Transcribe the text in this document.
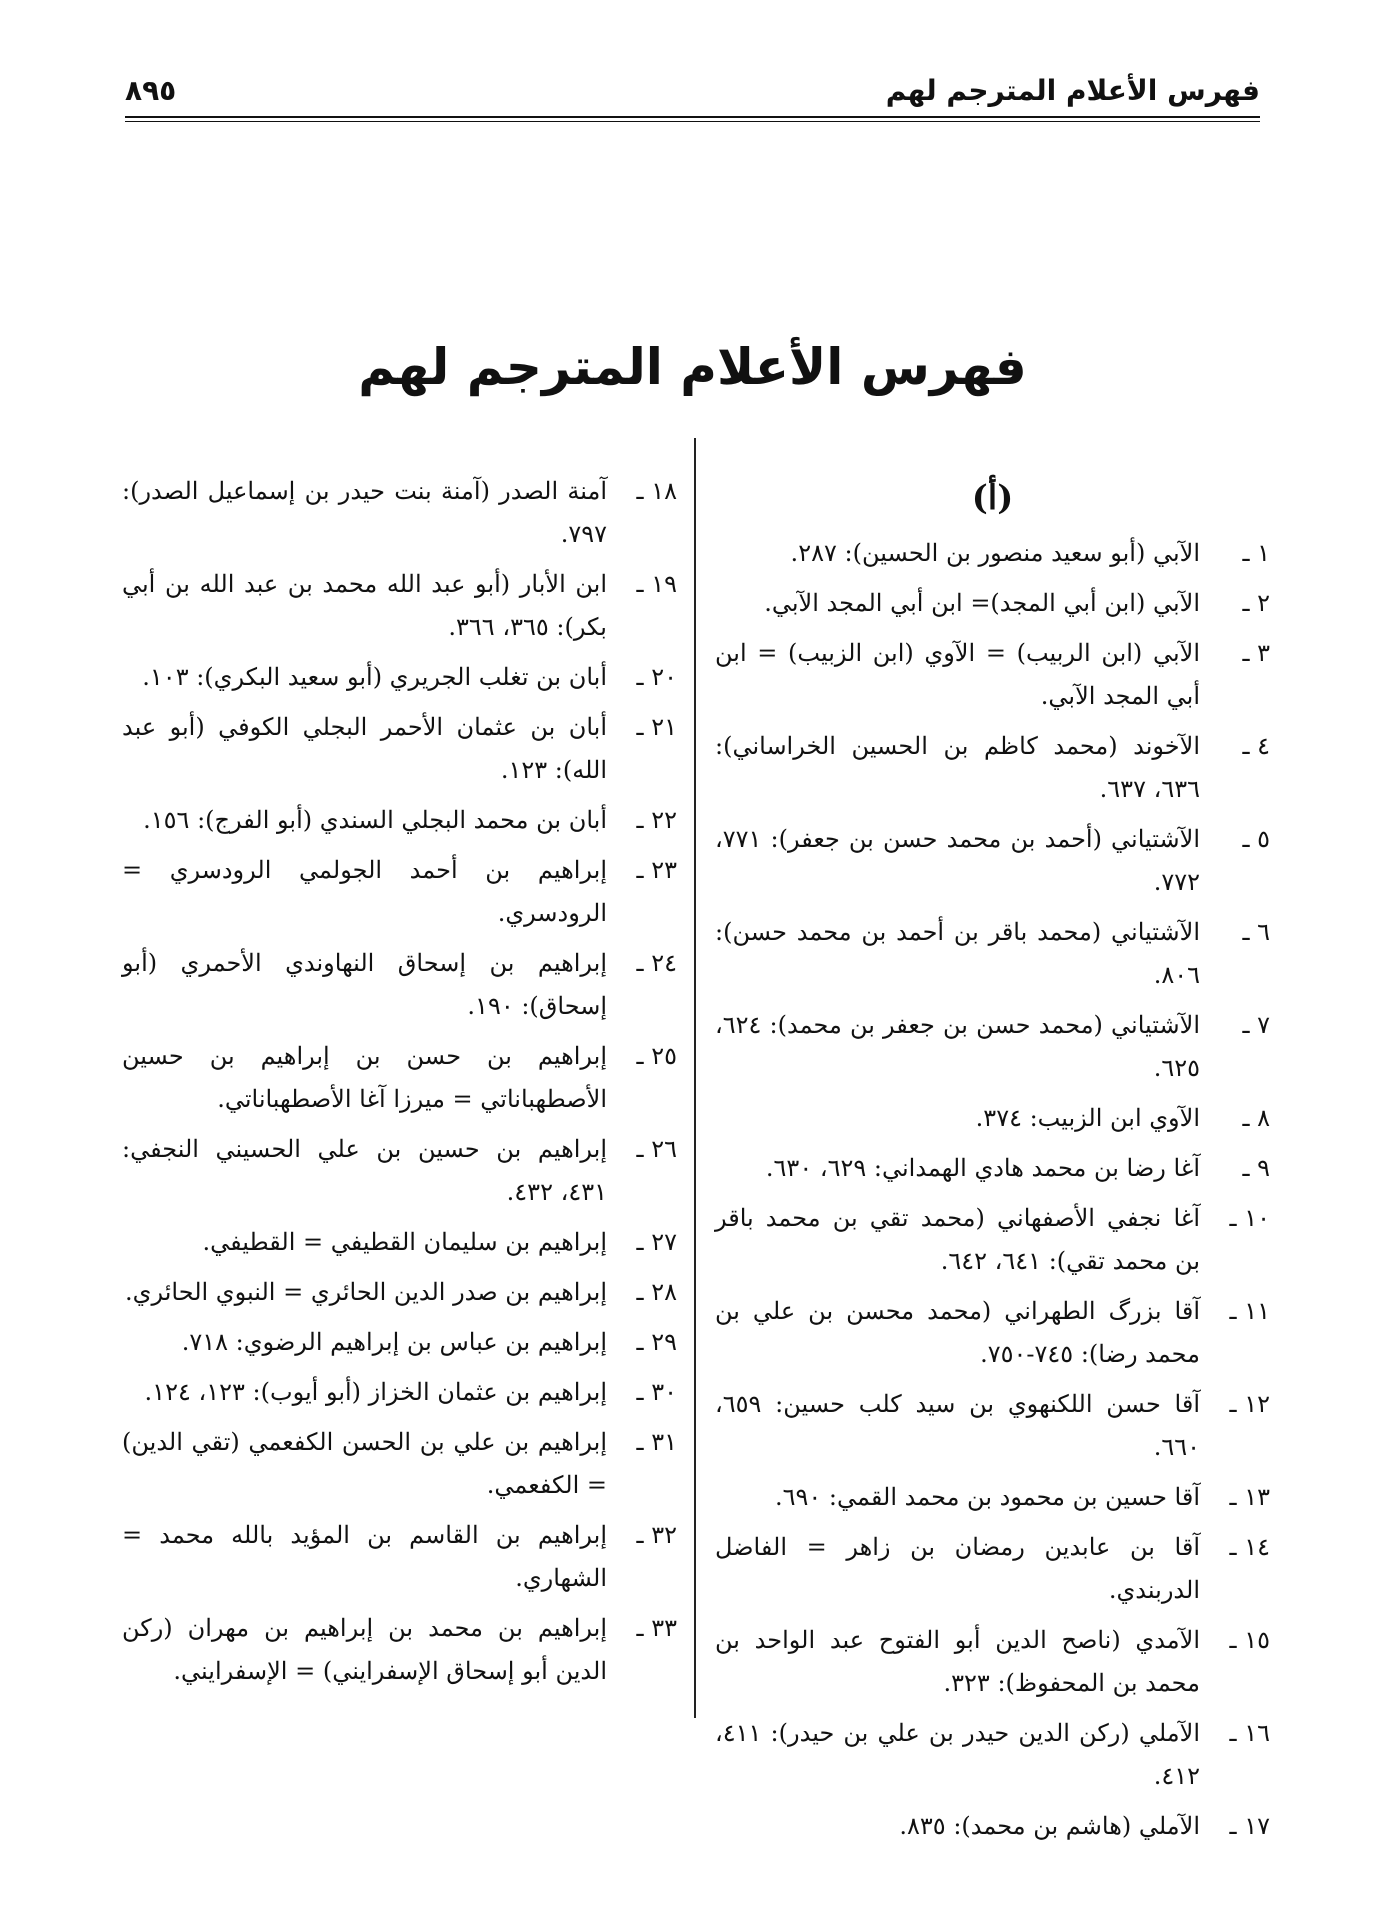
فهرس الأعلام المترجم لهم
٨٩٥
فهرس الأعلام المترجم لهم
(أ)
١ ـ
الآبي (أبو سعيد منصور بن الحسين): ٢٨٧.
٢ ـ
الآبي (ابن أبي المجد)= ابن أبي المجد الآبي.
٣ ـ
الآبي (ابن الربيب) = الآوي (ابن الزبيب) = ابن أبي المجد الآبي.
٤ ـ
الآخوند (محمد كاظم بن الحسين الخراساني): ٦٣٦، ٦٣٧.
٥ ـ
الآشتياني (أحمد بن محمد حسن بن جعفر): ٧٧١، ٧٧٢.
٦ ـ
الآشتياني (محمد باقر بن أحمد بن محمد حسن): ٨٠٦.
٧ ـ
الآشتياني (محمد حسن بن جعفر بن محمد): ٦٢٤، ٦٢٥.
٨ ـ
الآوي ابن الزبيب: ٣٧٤.
٩ ـ
آغا رضا بن محمد هادي الهمداني: ٦٢٩، ٦٣٠.
١٠ ـ
آغا نجفي الأصفهاني (محمد تقي بن محمد باقر بن محمد تقي): ٦٤١، ٦٤٢.
١١ ـ
آقا بزرگ الطهراني (محمد محسن بن علي بن محمد رضا): ٧٤٥-٧٥٠.
١٢ ـ
آقا حسن اللكنهوي بن سيد كلب حسين: ٦٥٩، ٦٦٠.
١٣ ـ
آقا حسين بن محمود بن محمد القمي: ٦٩٠.
١٤ ـ
آقا بن عابدين رمضان بن زاهر = الفاضل الدربندي.
١٥ ـ
الآمدي (ناصح الدين أبو الفتوح عبد الواحد بن محمد بن المحفوظ): ٣٢٣.
١٦ ـ
الآملي (ركن الدين حيدر بن علي بن حيدر): ٤١١، ٤١٢.
١٧ ـ
الآملي (هاشم بن محمد): ٨٣٥.
١٨ ـ
آمنة الصدر (آمنة بنت حيدر بن إسماعيل الصدر): ٧٩٧.
١٩ ـ
ابن الأبار (أبو عبد الله محمد بن عبد الله بن أبي بكر): ٣٦٥، ٣٦٦.
٢٠ ـ
أبان بن تغلب الجريري (أبو سعيد البكري): ١٠٣.
٢١ ـ
أبان بن عثمان الأحمر البجلي الكوفي (أبو عبد الله): ١٢٣.
٢٢ ـ
أبان بن محمد البجلي السندي (أبو الفرج): ١٥٦.
٢٣ ـ
إبراهيم بن أحمد الجولمي الرودسري = الرودسري.
٢٤ ـ
إبراهيم بن إسحاق النهاوندي الأحمري (أبو إسحاق): ١٩٠.
٢٥ ـ
إبراهيم بن حسن بن إبراهيم بن حسين الأصطهباناتي = ميرزا آغا الأصطهباناتي.
٢٦ ـ
إبراهيم بن حسين بن علي الحسيني النجفي: ٤٣١، ٤٣٢.
٢٧ ـ
إبراهيم بن سليمان القطيفي = القطيفي.
٢٨ ـ
إبراهيم بن صدر الدين الحائري = النبوي الحائري.
٢٩ ـ
إبراهيم بن عباس بن إبراهيم الرضوي: ٧١٨.
٣٠ ـ
إبراهيم بن عثمان الخزاز (أبو أيوب): ١٢٣، ١٢٤.
٣١ ـ
إبراهيم بن علي بن الحسن الكفعمي (تقي الدين) = الكفعمي.
٣٢ ـ
إبراهيم بن القاسم بن المؤيد بالله محمد = الشهاري.
٣٣ ـ
إبراهيم بن محمد بن إبراهيم بن مهران (ركن الدين أبو إسحاق الإسفرايني) = الإسفرايني.
